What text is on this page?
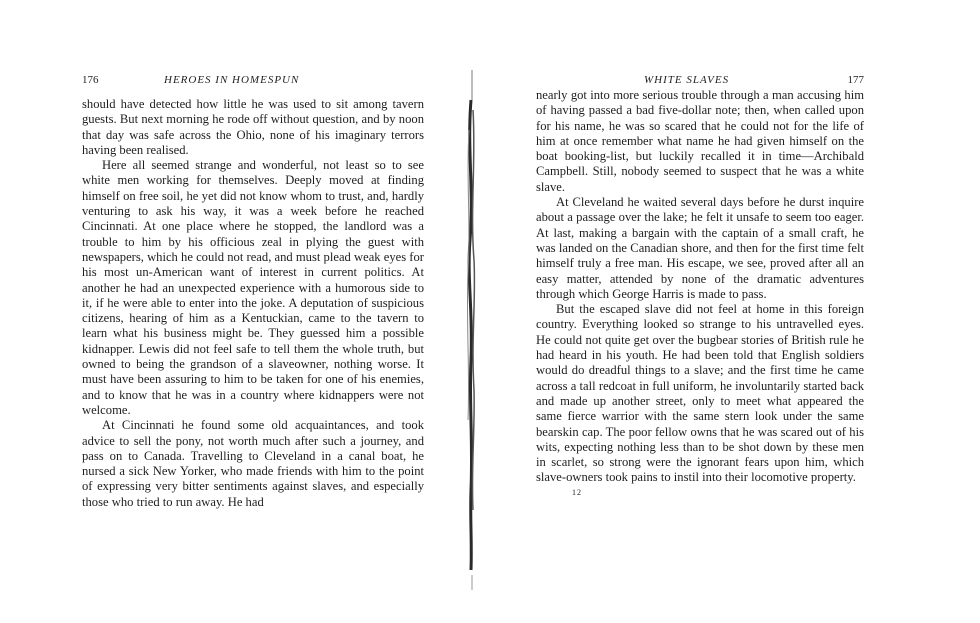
176	HEROES IN HOMESPUN

should have detected how little he was used to sit among tavern guests. But next morning he rode off without question, and by noon that day was safe across the Ohio, none of his imaginary terrors having been realised.

Here all seemed strange and wonderful, not least so to see white men working for themselves. Deeply moved at finding himself on free soil, he yet did not know whom to trust, and, hardly venturing to ask his way, it was a week before he reached Cincinnati. At one place where he stopped, the landlord was a trouble to him by his officious zeal in plying the guest with newspapers, which he could not read, and must plead weak eyes for his most un-American want of interest in current politics. At another he had an unexpected experience with a humorous side to it, if he were able to enter into the joke. A deputation of suspicious citizens, hearing of him as a Kentuckian, came to the tavern to learn what his business might be. They guessed him a possible kidnapper. Lewis did not feel safe to tell them the whole truth, but owned to being the grandson of a slaveowner, nothing worse. It must have been assuring to him to be taken for one of his enemies, and to know that he was in a country where kidnappers were not welcome.

At Cincinnati he found some old acquaintances, and took advice to sell the pony, not worth much after such a journey, and pass on to Canada. Travelling to Cleveland in a canal boat, he nursed a sick New Yorker, who made friends with him to the point of expressing very bitter sentiments against slaves, and especially those who tried to run away. He had

WHITE SLAVES	177

nearly got into more serious trouble through a man accusing him of having passed a bad five-dollar note; then, when called upon for his name, he was so scared that he could not for the life of him at once remember what name he had given himself on the boat booking-list, but luckily recalled it in time—Archibald Campbell. Still, nobody seemed to suspect that he was a white slave.

At Cleveland he waited several days before he durst inquire about a passage over the lake; he felt it unsafe to seem too eager. At last, making a bargain with the captain of a small craft, he was landed on the Canadian shore, and then for the first time felt himself truly a free man. His escape, we see, proved after all an easy matter, attended by none of the dramatic adventures through which George Harris is made to pass.

But the escaped slave did not feel at home in this foreign country. Everything looked so strange to his untravelled eyes. He could not quite get over the bugbear stories of British rule he had heard in his youth. He had been told that English soldiers would do dreadful things to a slave; and the first time he came across a tall redcoat in full uniform, he involuntarily started back and made up another street, only to meet what appeared the same fierce warrior with the same stern look under the same bearskin cap. The poor fellow owns that he was scared out of his wits, expecting nothing less than to be shot down by these men in scarlet, so strong were the ignorant fears upon him, which slave-owners took pains to instil into their locomotive property.

12
